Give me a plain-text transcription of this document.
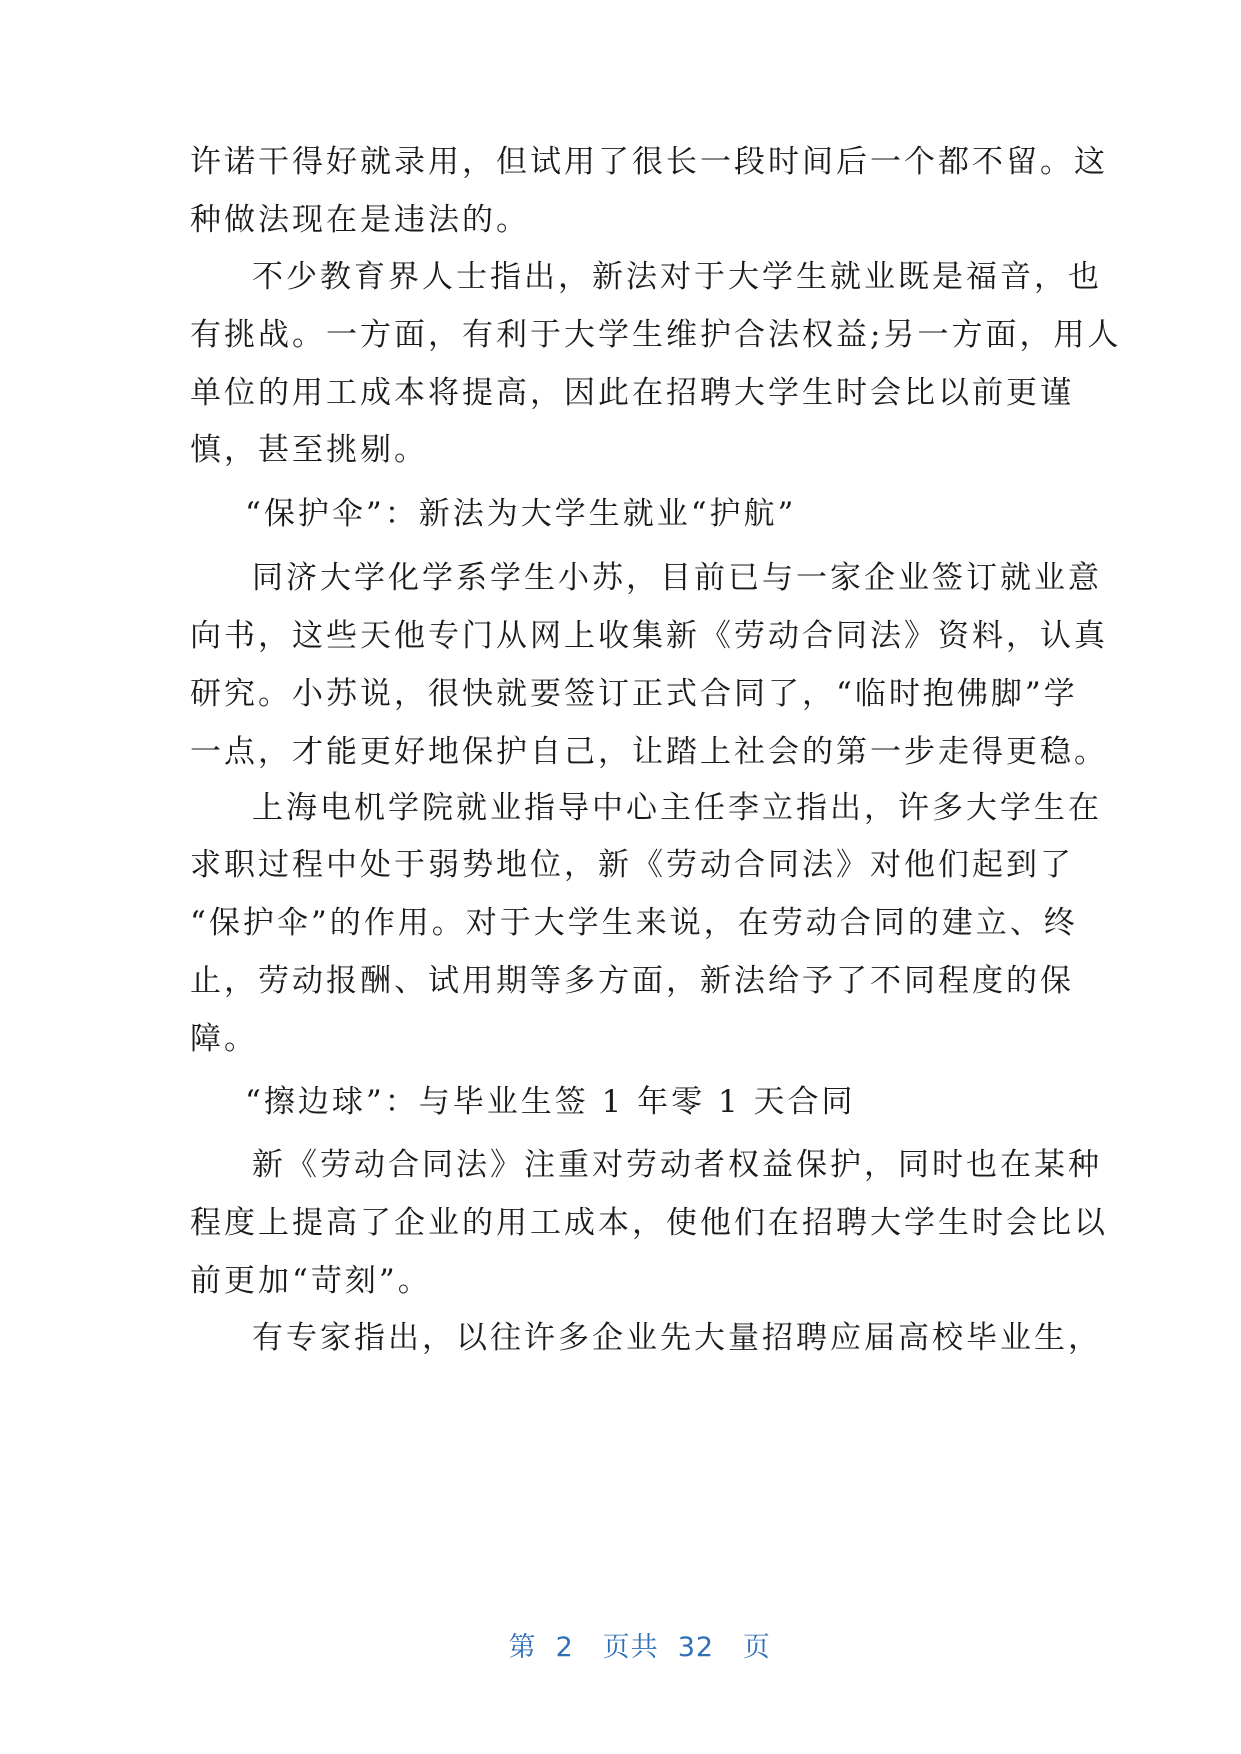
许诺干得好就录用，但试用了很长一段时间后一个都不留。这
种做法现在是违法的。
不少教育界人士指出，新法对于大学生就业既是福音，也
有挑战。一方面，有利于大学生维护合法权益;另一方面，用人
单位的用工成本将提高，因此在招聘大学生时会比以前更谨
慎，甚至挑剔。
“保护伞”：新法为大学生就业“护航”
同济大学化学系学生小苏，目前已与一家企业签订就业意
向书，这些天他专门从网上收集新《劳动合同法》资料，认真
研究。小苏说，很快就要签订正式合同了，“临时抱佛脚”学
一点，才能更好地保护自己，让踏上社会的第一步走得更稳。
上海电机学院就业指导中心主任李立指出，许多大学生在
求职过程中处于弱势地位，新《劳动合同法》对他们起到了
“保护伞”的作用。对于大学生来说，在劳动合同的建立、终
止，劳动报酬、试用期等多方面，新法给予了不同程度的保
障。
“擦边球”：与毕业生签 1 年零 1 天合同
新《劳动合同法》注重对劳动者权益保护，同时也在某种
程度上提高了企业的用工成本，使他们在招聘大学生时会比以
前更加“苛刻”。
有专家指出，以往许多企业先大量招聘应届高校毕业生，

第 2 页共 32 页
